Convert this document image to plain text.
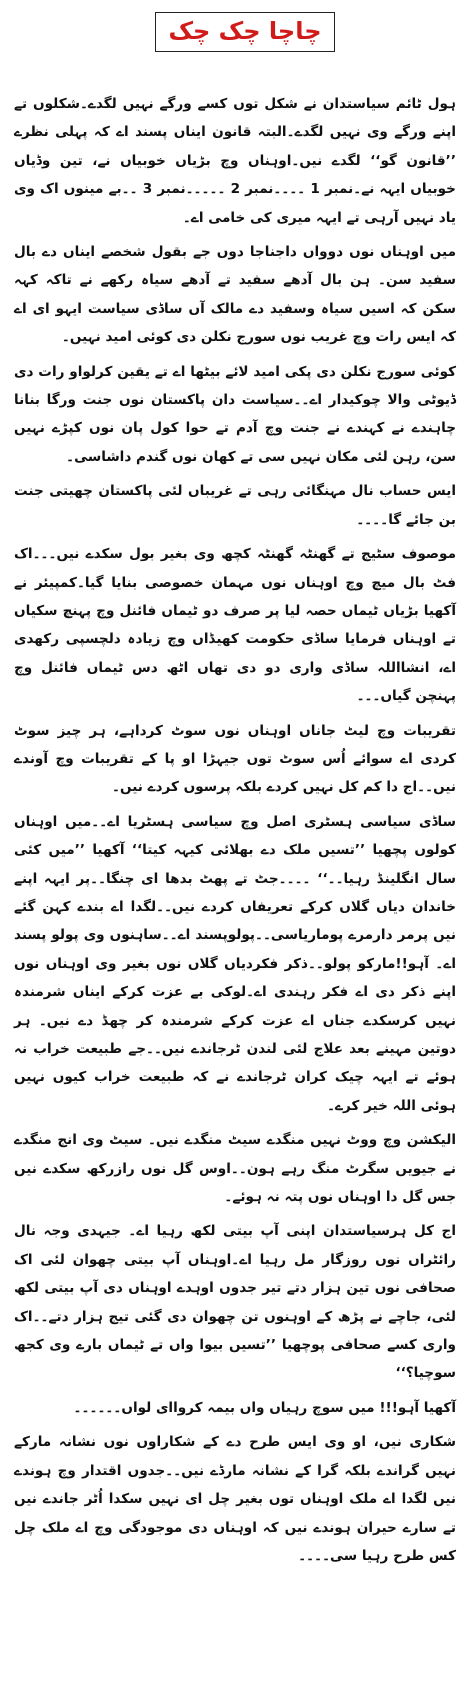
چاچا چک چک

ہول ٹائم سیاستدان نے شکل توں کسے ورگے نہیں لگدے۔شکلوں تے اپنے ورگے وی نہیں لگدے۔البتہ قانون ایناں پسند اے کہ پہلی نظرے ’’قانون گو‘‘ لگدے نیں۔اوہناں وچ بڑیاں خوبیاں نے، تین وڈیاں خوبیاں ایہہ نے۔نمبر 1 ۔۔۔۔نمبر 2 ۔۔۔۔۔نمبر 3 ۔۔بے مینوں اک وی یاد نہیں آرہی تے ایہہ میری کی خامی اے۔

میں اوہناں نوں دوواں داجناجا دوں جے بقول شخصے ایناں دے بال سفید سن۔ ہن بال آدھے سفید تے آدھے سیاہ رکھے نے تاکہ کہہ سکن کہ اسیں سیاہ وسفید دے مالک آں ساڈی سیاست ایہو ای اے کہ ایس رات وچ غریب نوں سورج نکلن دی کوئی امید نہیں۔

کوئی سورج نکلن دی پکی امید لائے بیٹھا اے تے یقین کرلواو رات دی ڈیوٹی والا چوکیدار اے۔۔سیاست دان پاکستان نوں جنت ورگا بنانا چاہندے نے کہندے نے جنت وچ آدم تے حوا کول پان نوں کپڑے نہیں سن، رہن لئی مکان نہیں سی تے کھان نوں گندم داشاسی۔

ایس حساب نال مہنگائی رہی تے غریباں لئی پاکستان چھیتی جنت بن جائے گا۔۔۔۔

موصوف سٹیج تے گھنٹہ گھنٹہ کچھ وی بغیر بول سکدے نیں۔۔۔اک فٹ بال میچ وچ اوہناں نوں مہمان خصوصی بنایا گیا۔کمپیئر نے آکھیا بڑیاں ٹیماں حصہ لیا پر صرف دو ٹیماں فائنل وچ پہنچ سکیاں تے اوہناں فرمایا ساڈی حکومت کھیڈاں وچ زیادہ دلچسپی رکھدی اے، انشااللہ ساڈی واری دو دی تھاں اٹھ دس ٹیماں فائنل وچ پہنچن گیاں۔۔۔

تقریبات وچ لیٹ جاناں اوہناں نوں سوٹ کرداہے، ہر چیز سوٹ کردی اے سوائے اُس سوٹ توں جیہڑا او پا کے تقریبات وچ آوندے نیں۔۔اج دا کم کل نہیں کردے بلکہ پرسوں کردے نیں۔

ساڈی سیاسی ہسٹری اصل وچ سیاسی ہسٹریا اے۔۔میں اوہناں کولوں پچھیا ’’تسیں ملک دے بھلائی کیہہ کیتا‘‘ آکھیا ’’میں کئی سال انگلینڈ رہیا۔۔‘‘ ۔۔۔۔جٹ تے پھٹ بدھا ای چنگا۔۔پر ایہہ اپنے خاندان دیاں گلاں کرکے تعریفاں کردے نیں۔۔لگدا اے بندے کہن گئے نیں پرمر دارمرے پوماریاسی۔۔پولوپسند اے۔۔ساہنوں وی پولو پسند اے۔ آہو!!مارکو پولو۔۔ذکر فکردیاں گلاں نوں بغیر وی اوہناں نوں اپنے ذکر دی اے فکر رہندی اے۔لوکی بے عزت کرکے ایناں شرمندہ نہیں کرسکدے جناں اے عزت کرکے شرمندہ کر چھڈ دے نیں۔ ہر دوتین مہینے بعد علاج لئی لندن ٹرجاندے نیں۔۔جے طبیعت خراب نہ ہوئے تے ایہہ چیک کران ٹرجاندے نے کہ طبیعت خراب کیوں نہیں ہوئی اللہ خیر کرے۔

الیکشن وچ ووٹ نہیں منگدے سیٹ منگدے نیں۔ سیٹ وی انج منگدے نے جیویں سگرٹ منگ رہے ہون۔۔اوس گل نوں رازرکھ سکدے نیں جس گل دا اوہناں نوں پتہ نہ ہوئے۔

اج کل ہرسیاستدان اپنی آپ بیتی لکھ رہیا اے۔ جیہدی وجہ نال رائٹراں نوں روزگار مل رہیا اے۔اوہناں آپ بیتی چھوان لئی اک صحافی نوں تین ہزار دتے تیر جدوں اوہدے اوہناں دی آپ بیتی لکھ لئی، جاچے نے پڑھ کے اوہنوں تن چھوان دی گئی تیج ہزار دتے۔۔اک واری کسے صحافی پوچھیا ’’تسیں بیوا واں تے ٹیماں بارے وی کجھ سوچیا؟‘‘

آکھیا آہو!!! میں سوچ رہیاں واں بیمہ کرواای لواں۔۔۔۔۔۔

شکاری نیں، او وی ایس طرح دے کے شکاراوں نوں نشانہ مارکے نہیں گراندے بلکہ گرا کے نشانہ مارڈے نیں۔۔جدوں اقتدار وچ ہوندے نیں لگدا اے ملک اوہناں توں بغیر چل ای نہیں سکدا اُٹر جاندے نیں تے سارے حیران ہوندے نیں کہ اوہناں دی موجودگی وچ اے ملک چل کس طرح رہیا سی۔۔۔۔
